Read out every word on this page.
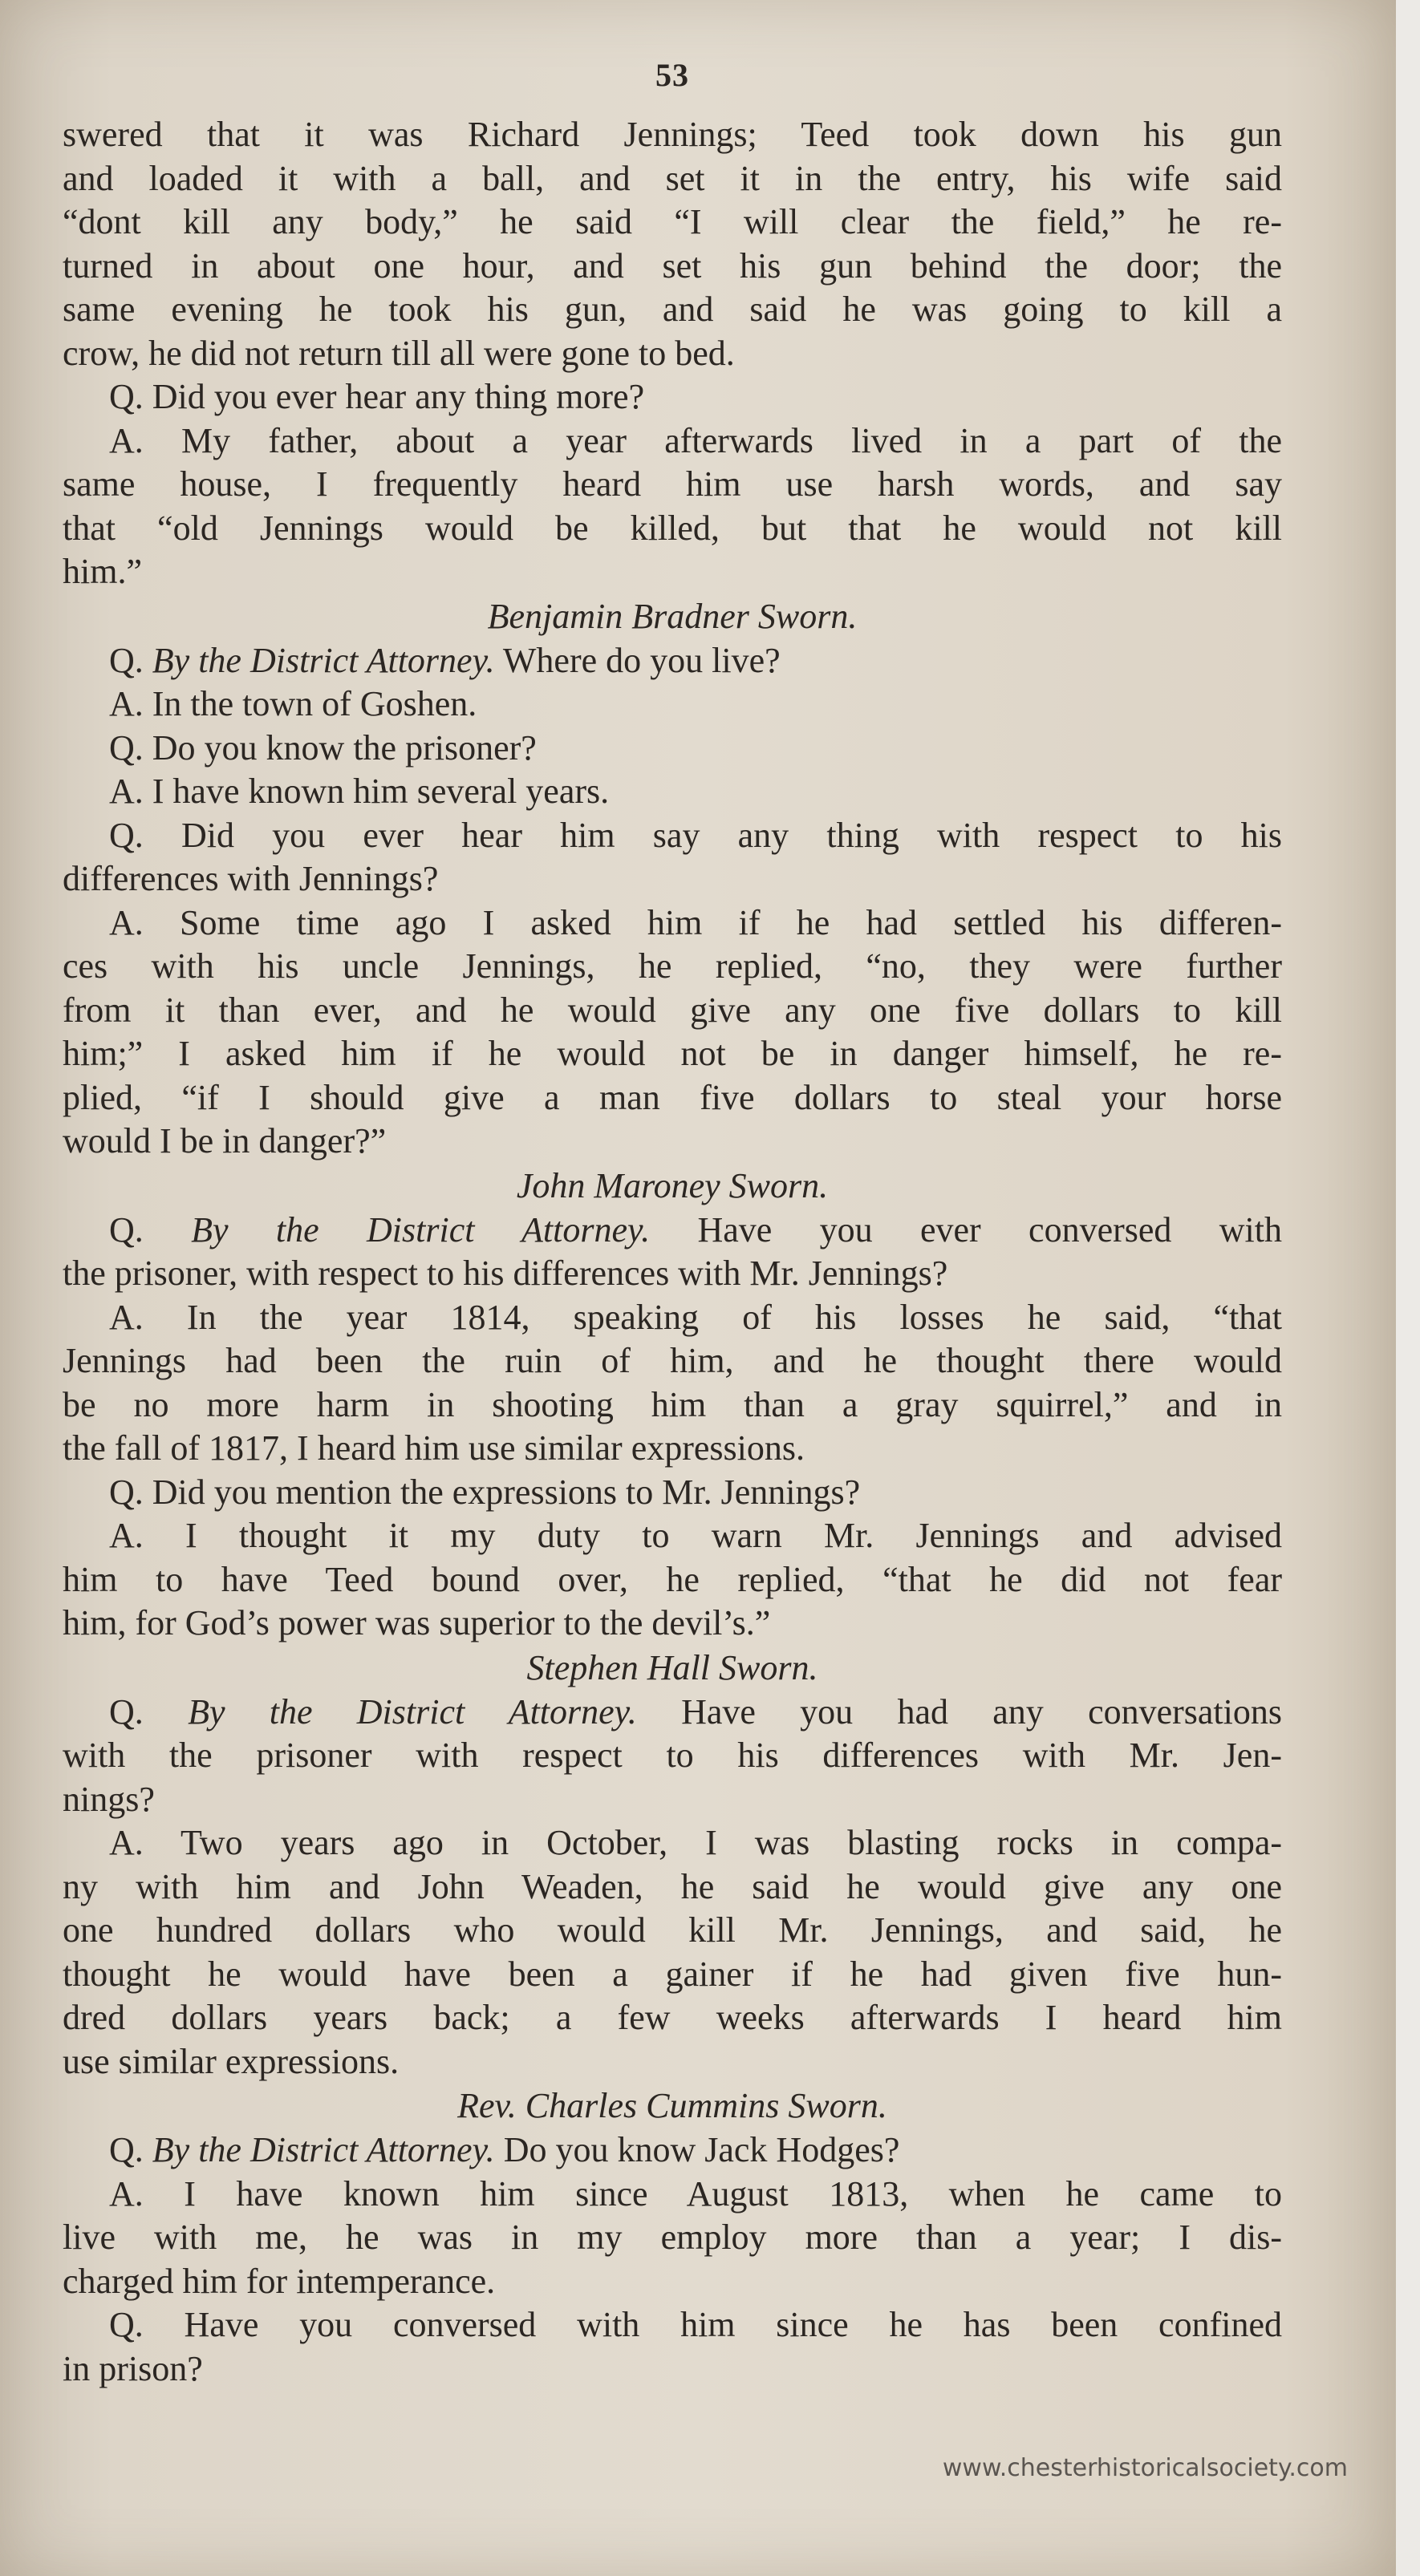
53
swered that it was Richard Jennings; Teed took down his gun
and loaded it with a ball, and set it in the entry, his wife said
“dont kill any body,” he said “I will clear the field,” he re-
turned in about one hour, and set his gun behind the door; the
same evening he took his gun, and said he was going to kill a
crow, he did not return till all were gone to bed.
Q. Did you ever hear any thing more?
A. My father, about a year afterwards lived in a part of the
same house, I frequently heard him use harsh words, and say
that “old Jennings would be killed, but that he would not kill
him.”
Benjamin Bradner Sworn.
Q. By the District Attorney. Where do you live?
A. In the town of Goshen.
Q. Do you know the prisoner?
A. I have known him several years.
Q. Did you ever hear him say any thing with respect to his
differences with Jennings?
A. Some time ago I asked him if he had settled his differen-
ces with his uncle Jennings, he replied, “no, they were further
from it than ever, and he would give any one five dollars to kill
him;” I asked him if he would not be in danger himself, he re-
plied, “if I should give a man five dollars to steal your horse
would I be in danger?”
John Maroney Sworn.
Q. By the District Attorney. Have you ever conversed with
the prisoner, with respect to his differences with Mr. Jennings?
A. In the year 1814, speaking of his losses he said, “that
Jennings had been the ruin of him, and he thought there would
be no more harm in shooting him than a gray squirrel,” and in
the fall of 1817, I heard him use similar expressions.
Q. Did you mention the expressions to Mr. Jennings?
A. I thought it my duty to warn Mr. Jennings and advised
him to have Teed bound over, he replied, “that he did not fear
him, for God’s power was superior to the devil’s.”
Stephen Hall Sworn.
Q. By the District Attorney. Have you had any conversations
with the prisoner with respect to his differences with Mr. Jen-
nings?
A. Two years ago in October, I was blasting rocks in compa-
ny with him and John Weaden, he said he would give any one
one hundred dollars who would kill Mr. Jennings, and said, he
thought he would have been a gainer if he had given five hun-
dred dollars years back; a few weeks afterwards I heard him
use similar expressions.
Rev. Charles Cummins Sworn.
Q. By the District Attorney. Do you know Jack Hodges?
A. I have known him since August 1813, when he came to
live with me, he was in my employ more than a year; I dis-
charged him for intemperance.
Q. Have you conversed with him since he has been confined
in prison?
www.chesterhistoricalsociety.com
